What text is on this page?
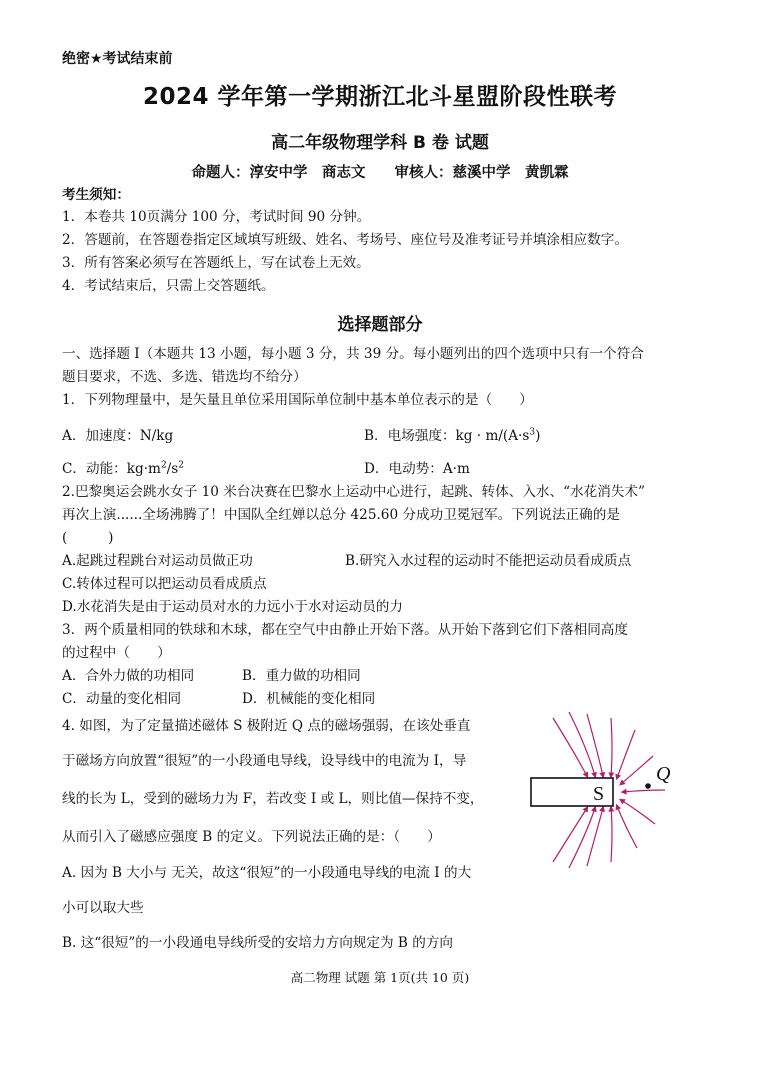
绝密★考试结束前
2024 学年第一学期浙江北斗星盟阶段性联考
高二年级物理学科 B 卷 试题
命题人：淳安中学　商志文　　审核人：慈溪中学　黄凯霖
考生须知：
1．本卷共 10页满分 100 分，考试时间 90 分钟。
2．答题前，在答题卷指定区域填写班级、姓名、考场号、座位号及准考证号并填涂相应数字。
3．所有答案必须写在答题纸上，写在试卷上无效。
4．考试结束后，只需上交答题纸。
选择题部分
一、选择题 I（本题共 13 小题，每小题 3 分，共 39 分。每小题列出的四个选项中只有一个符合
题目要求，不选、多选、错选均不给分）
1．下列物理量中，是矢量且单位采用国际单位制中基本单位表示的是（　　）
A．加速度：N/kg	B．电场强度：kg · $m/(A\cdot s^3)$
C．动能：$kg\cdot m^2/s^2$	D．电动势：A·m
2.巴黎奥运会跳水女子 10 米台决赛在巴黎水上运动中心进行，起跳、转体、入水、“水花消失术”
再次上演......全场沸腾了！中国队全红婵以总分 425.60 分成功卫冕冠军。下列说法正确的是
(　　　)
A.起跳过程跳台对运动员做正功	B.研究入水过程的运动时不能把运动员看成质点
C.转体过程可以把运动员看成质点
D.水花消失是由于运动员对水的力远小于水对运动员的力
3．两个质量相同的铁球和木球，都在空气中由静止开始下落。从开始下落到它们下落相同高度
的过程中（　　）
A．合外力做的功相同	B．重力做的功相同
C．动量的变化相同	D．机械能的变化相同
4. 如图，为了定量描述磁体 S 极附近 Q 点的磁场强弱，在该处垂直
于磁场方向放置“很短”的一小段通电导线，设导线中的电流为 I，导
线的长为 L，受到的磁场力为 F，若改变 I 或 L，则比值—保持不变，
从而引入了磁感应强度 B 的定义。下列说法正确的是：（　　）
A. 因为 B 大小与 无关，故这“很短”的一小段通电导线的电流 I 的大
小可以取大些
B. 这“很短”的一小段通电导线所受的安培力方向规定为 B 的方向
S
Q
高二物理 试题 第 1页(共 10 页)
